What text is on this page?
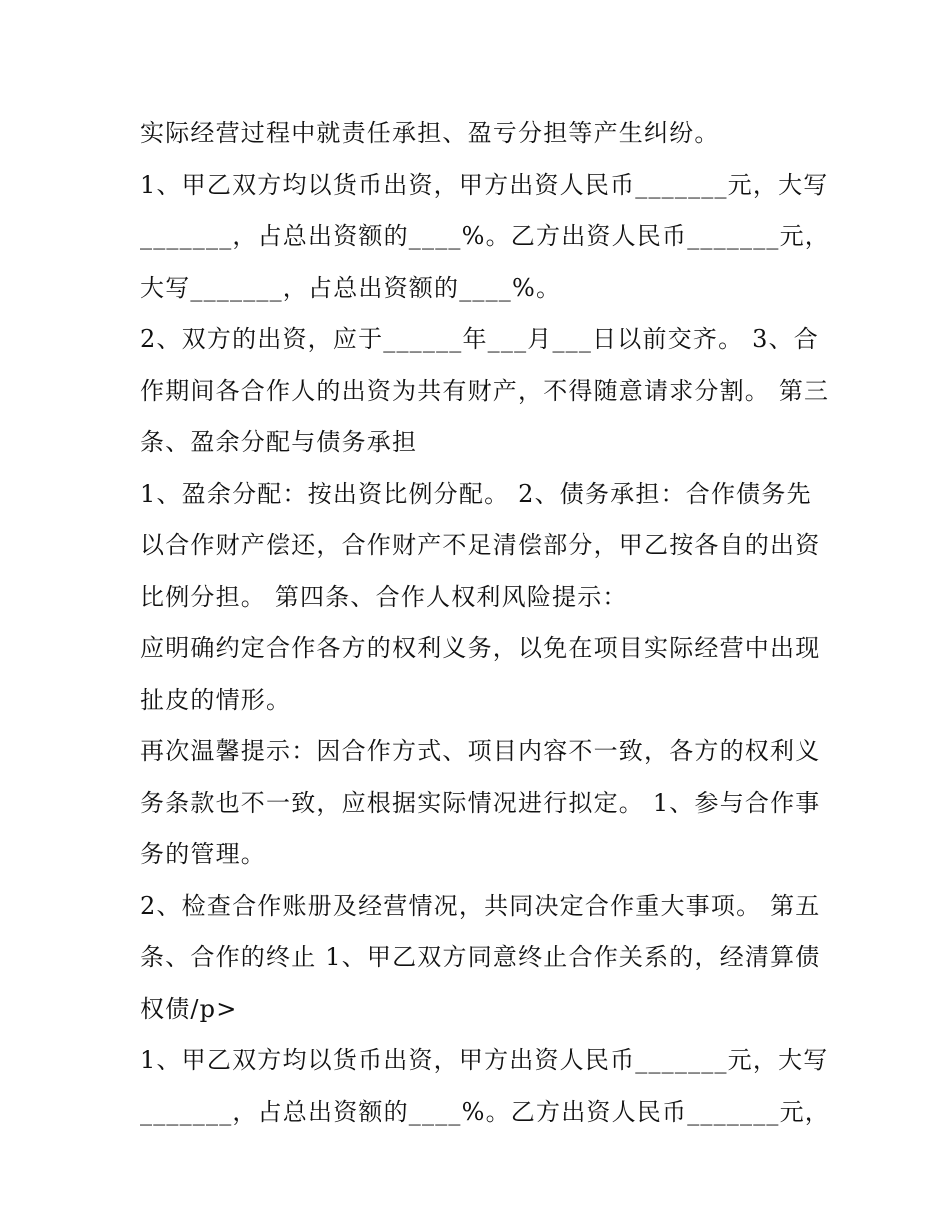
实际经营过程中就责任承担、盈亏分担等产生纠纷。

1、甲乙双方均以货币出资，甲方出资人民币_______元，大写_______，占总出资额的____%。乙方出资人民币_______元，大写_______，占总出资额的____%。

2、双方的出资，应于______年___月___日以前交齐。 3、合作期间各合作人的出资为共有财产，不得随意请求分割。 第三条、盈余分配与债务承担

1、盈余分配：按出资比例分配。 2、债务承担：合作债务先以合作财产偿还，合作财产不足清偿部分，甲乙按各自的出资比例分担。 第四条、合作人权利风险提示：

应明确约定合作各方的权利义务，以免在项目实际经营中出现扯皮的情形。

再次温馨提示：因合作方式、项目内容不一致，各方的权利义务条款也不一致，应根据实际情况进行拟定。 1、参与合作事务的管理。

2、检查合作账册及经营情况，共同决定合作重大事项。 第五条、合作的终止 1、甲乙双方同意终止合作关系的，经清算债权债/p>

1、甲乙双方均以货币出资，甲方出资人民币_______元，大写_______，占总出资额的____%。乙方出资人民币_______元，
